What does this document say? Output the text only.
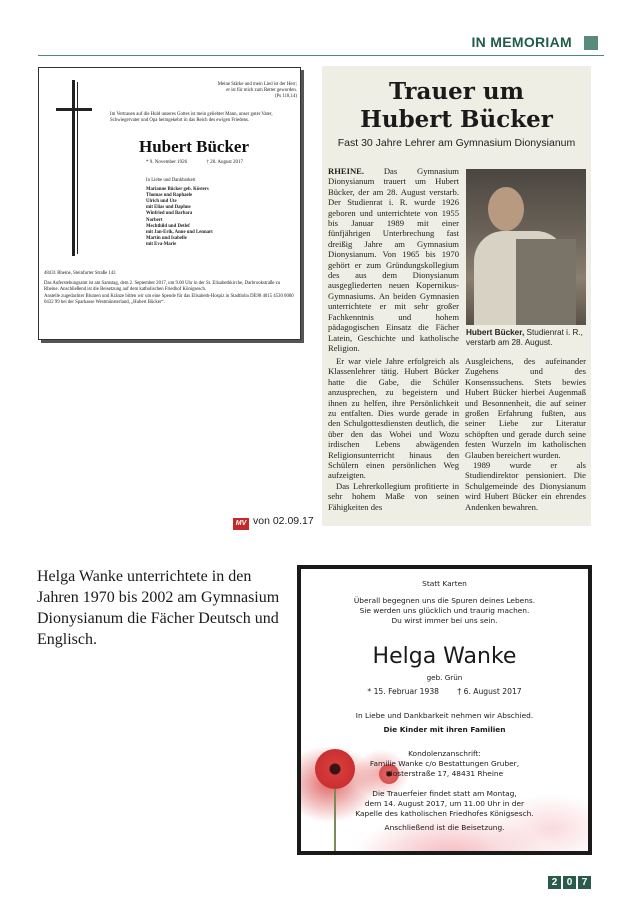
IN MEMORIAM
Meine Stärke und mein Lied ist der Herr;
er ist für mich zum Retter geworden.
(Ps 118,14)
Im Vertrauen auf die Huld unseres Gottes ist mein geliebter Mann, unser guter Vater, Schwiegervater und Opa heimgekehrt in das Reich des ewigen Friedens.
Hubert Bücker
* 9. November 1926	† 28. August 2017
In Liebe und Dankbarkeit
Marianne Bücker geb. Kösters
Thomas und Raphaele
Ulrich und Ute
mit Elias und Daphne
Winfried und Barbara
Norbert
Mechthild und Detlef
mit Jan-Erik, Anne und Lennart
Martin und Isabelle
mit Eva-Marie
48431 Rheine, Steinfurter Straße 143

Das Auferstehungsamt ist am Samstag, dem 2. September 2017, um 9.00 Uhr in der St. Elisabethkirche, Darbrookstraße zu Rheine. Anschließend ist die Beisetzung auf dem katholischen Friedhof Königsesch.

Anstelle zugedachter Blumen und Kränze bitten wir um eine Spende für das Elisabeth-Hospiz in Stadtlohn DE98 4015 4530 0000 0432 99 bei der Sparkasse Westmünsterland, „Hubert Bücker“.

Trauer um
Hubert Bücker
Fast 30 Jahre Lehrer am Gymnasium Dionysianum

RHEINE. Das Gymnasium Dionysianum trauert um Hubert Bücker, der am 28. August verstarb. Der Studienrat i. R. wurde 1926 geboren und unterrichtete von 1955 bis Januar 1989 mit einer fünfjährigen Unterbrechung fast dreißig Jahre am Gymnasium Dionysianum. Von 1965 bis 1970 gehört er zum Gründungskollegium des aus dem Dionysianum ausgegliederten neuen Kopernikus-Gymnasiums. An beiden Gymnasien unterrichtete er mit sehr großer Fachkenntnis und hohem pädagogischen Einsatz die Fächer Latein, Geschichte und katholische Religion.

Hubert Bücker, Studienrat i. R., verstarb am 28. August.

Er war viele Jahre erfolgreich als Klassenlehrer tätig. Hubert Bücker hatte die Gabe, die Schüler anzusprechen, zu begeistern und ihnen zu helfen, ihre Persönlichkeit zu entfalten. Dies wurde gerade in den Schulgottesdiensten deutlich, die über den das Wohei und Wozu irdischen Lebens abwägenden Religionsunterricht hinaus den Schülern einen persönlichen Weg aufzeigten.

Das Lehrerkollegium profitierte in sehr hohem Maße von seinen Fähigkeiten des

Ausgleichens, des aufeinander Zugehens und des Konsenssuchens. Stets bewies Hubert Bücker hierbei Augenmaß und Besonnenheit, die auf seiner großen Erfahrung fußten, aus seiner Liebe zur Literatur schöpften und gerade durch seine festen Wurzeln im katholischen Glauben bereichert wurden.

1989 wurde er als Studiendirektor pensioniert. Die Schulgemeinde des Dionysianum wird Hubert Bücker ein ehrendes Andenken bewahren.

MV von 02.09.17
Helga Wanke unterrichtete in den Jahren 1970 bis 2002 am Gymnasium Dionysianum die Fächer Deutsch und Englisch.
Statt Karten
Überall begegnen uns die Spuren deines Lebens.
Sie werden uns glücklich und traurig machen.
Du wirst immer bei uns sein.
Helga Wanke
geb. Grün
* 15. Februar 1938 † 6. August 2017
In Liebe und Dankbarkeit nehmen wir Abschied.
Die Kinder mit ihren Familien
Kondolenzanschrift:
Familie Wanke c/o Bestattungen Gruber,
Klosterstraße 17, 48431 Rheine
Die Trauerfeier findet statt am Montag,
dem 14. August 2017, um 11.00 Uhr in der
Kapelle des katholischen Friedhofes Königsesch.
Anschließend ist die Beisetzung.
2 0 7
